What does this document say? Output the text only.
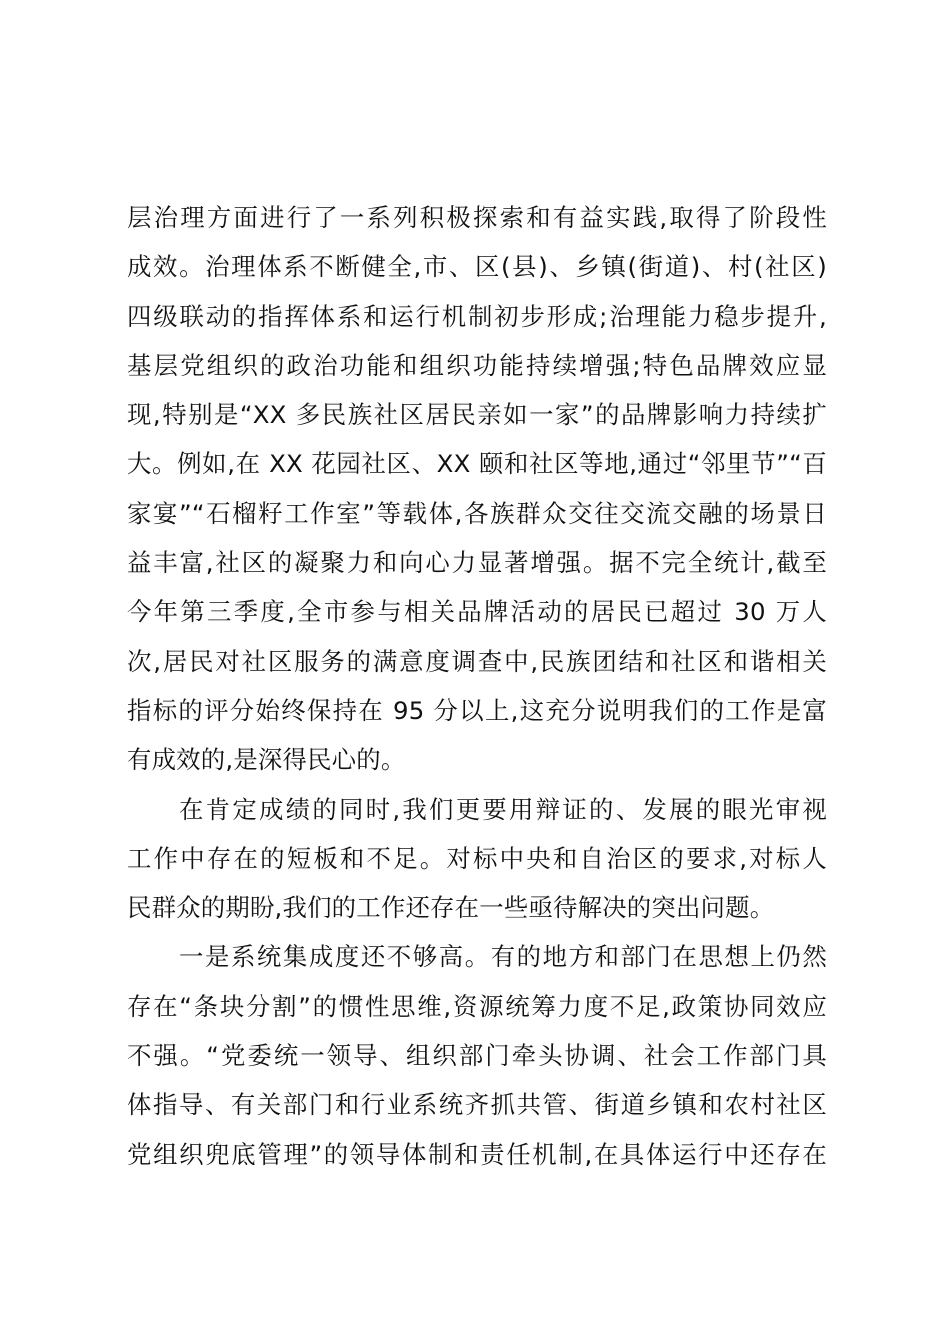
层治理方面进行了一系列积极探索和有益实践,取得了阶段性
成效。治理体系不断健全,市、区(县)、乡镇(街道)、村(社区)
四级联动的指挥体系和运行机制初步形成;治理能力稳步提升,
基层党组织的政治功能和组织功能持续增强;特色品牌效应显
现,特别是“XX 多民族社区居民亲如一家”的品牌影响力持续扩
大。例如,在 XX 花园社区、XX 颐和社区等地,通过“邻里节”“百
家宴”“石榴籽工作室”等载体,各族群众交往交流交融的场景日
益丰富,社区的凝聚力和向心力显著增强。据不完全统计,截至
今年第三季度,全市参与相关品牌活动的居民已超过 30 万人
次,居民对社区服务的满意度调查中,民族团结和社区和谐相关
指标的评分始终保持在 95 分以上,这充分说明我们的工作是富
有成效的,是深得民心的。
在肯定成绩的同时,我们更要用辩证的、发展的眼光审视
工作中存在的短板和不足。对标中央和自治区的要求,对标人
民群众的期盼,我们的工作还存在一些亟待解决的突出问题。
一是系统集成度还不够高。有的地方和部门在思想上仍然
存在“条块分割”的惯性思维,资源统筹力度不足,政策协同效应
不强。“党委统一领导、组织部门牵头协调、社会工作部门具
体指导、有关部门和行业系统齐抓共管、街道乡镇和农村社区
党组织兜底管理”的领导体制和责任机制,在具体运行中还存在
